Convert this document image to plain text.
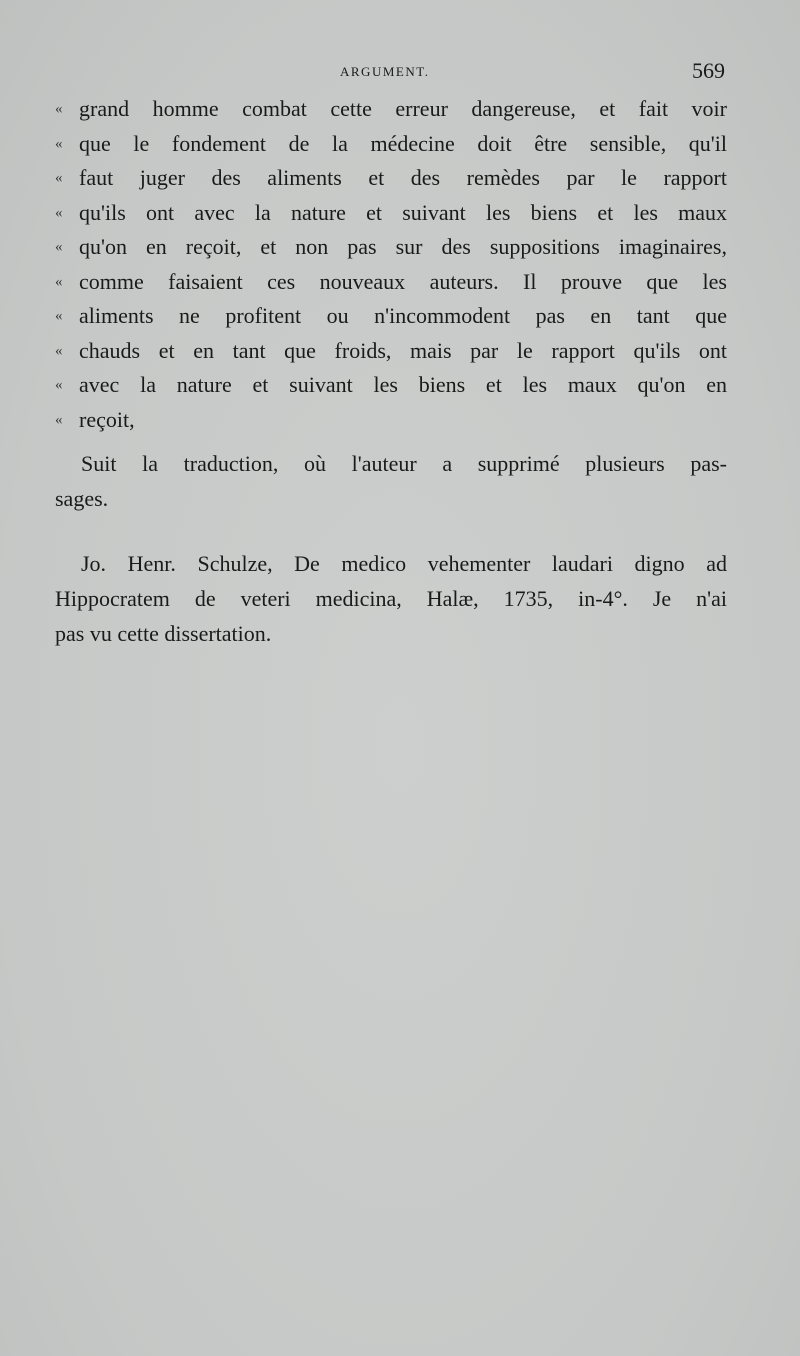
ARGUMENT.	569
« grand homme combat cette erreur dangereuse, et fait voir
« que le fondement de la médecine doit être sensible, qu'il
« faut juger des aliments et des remèdes par le rapport
« qu'ils ont avec la nature et suivant les biens et les maux
« qu'on en reçoit, et non pas sur des suppositions imaginaires,
« comme faisaient ces nouveaux auteurs. Il prouve que les
« aliments ne profitent ou n'incommodent pas en tant que
« chauds et en tant que froids, mais par le rapport qu'ils ont
« avec la nature et suivant les biens et les maux qu'on en
« reçoit,
Suit la traduction, où l'auteur a supprimé plusieurs pas-
sages.
Jo. Henr. Schulze, De medico vehementer laudari digno ad
Hippocratem de veteri medicina, Halæ, 1735, in-4°. Je n'ai
pas vu cette dissertation.
